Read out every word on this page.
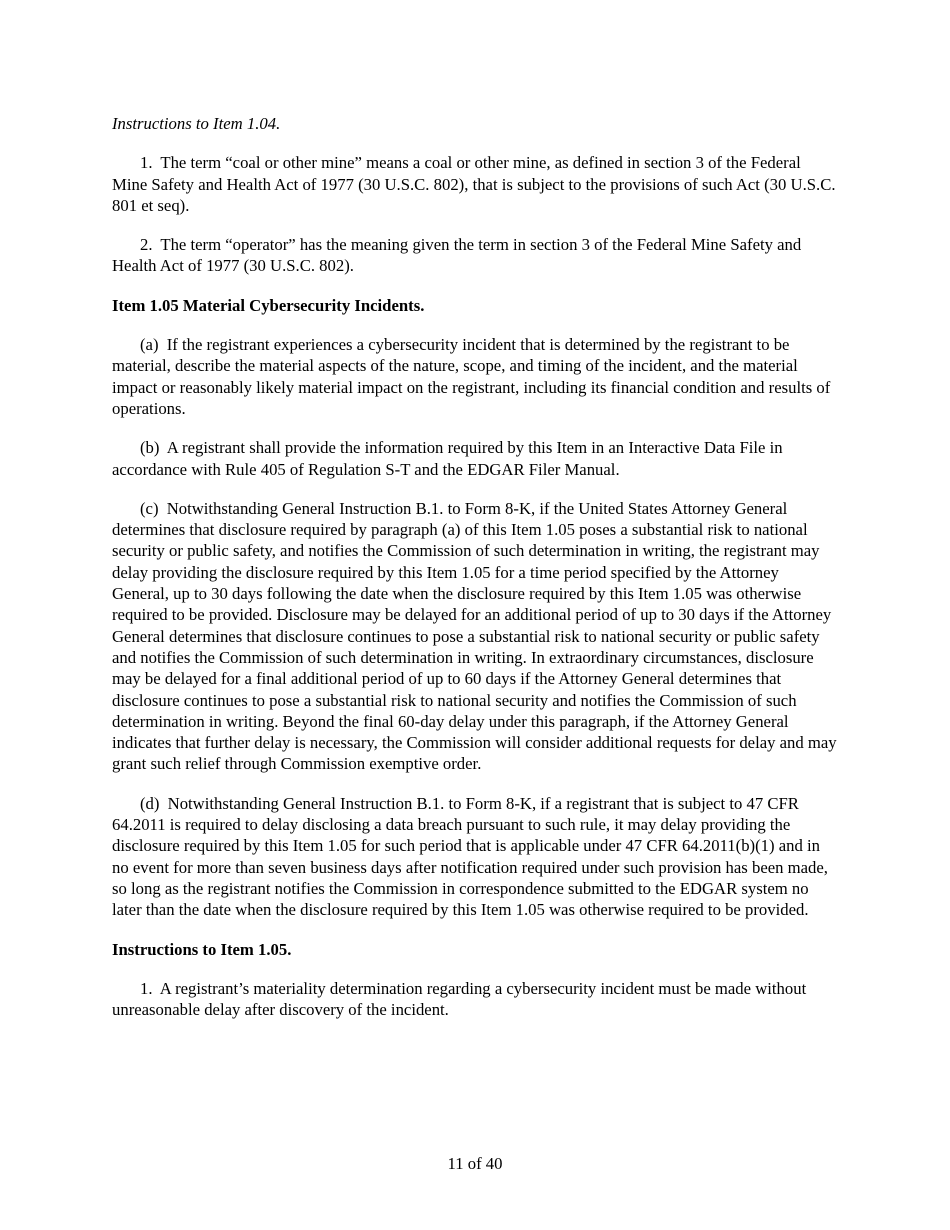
Instructions to Item 1.04.

1. The term “coal or other mine” means a coal or other mine, as defined in section 3 of the Federal Mine Safety and Health Act of 1977 (30 U.S.C. 802), that is subject to the provisions of such Act (30 U.S.C. 801 et seq).

2. The term “operator” has the meaning given the term in section 3 of the Federal Mine Safety and Health Act of 1977 (30 U.S.C. 802).

Item 1.05 Material Cybersecurity Incidents.

(a) If the registrant experiences a cybersecurity incident that is determined by the registrant to be material, describe the material aspects of the nature, scope, and timing of the incident, and the material impact or reasonably likely material impact on the registrant, including its financial condition and results of operations.

(b) A registrant shall provide the information required by this Item in an Interactive Data File in accordance with Rule 405 of Regulation S-T and the EDGAR Filer Manual.

(c) Notwithstanding General Instruction B.1. to Form 8-K, if the United States Attorney General determines that disclosure required by paragraph (a) of this Item 1.05 poses a substantial risk to national security or public safety, and notifies the Commission of such determination in writing, the registrant may delay providing the disclosure required by this Item 1.05 for a time period specified by the Attorney General, up to 30 days following the date when the disclosure required by this Item 1.05 was otherwise required to be provided. Disclosure may be delayed for an additional period of up to 30 days if the Attorney General determines that disclosure continues to pose a substantial risk to national security or public safety and notifies the Commission of such determination in writing. In extraordinary circumstances, disclosure may be delayed for a final additional period of up to 60 days if the Attorney General determines that disclosure continues to pose a substantial risk to national security and notifies the Commission of such determination in writing. Beyond the final 60-day delay under this paragraph, if the Attorney General indicates that further delay is necessary, the Commission will consider additional requests for delay and may grant such relief through Commission exemptive order.

(d) Notwithstanding General Instruction B.1. to Form 8-K, if a registrant that is subject to 47 CFR 64.2011 is required to delay disclosing a data breach pursuant to such rule, it may delay providing the disclosure required by this Item 1.05 for such period that is applicable under 47 CFR 64.2011(b)(1) and in no event for more than seven business days after notification required under such provision has been made, so long as the registrant notifies the Commission in correspondence submitted to the EDGAR system no later than the date when the disclosure required by this Item 1.05 was otherwise required to be provided.

Instructions to Item 1.05.

1. A registrant’s materiality determination regarding a cybersecurity incident must be made without unreasonable delay after discovery of the incident.

11 of 40
